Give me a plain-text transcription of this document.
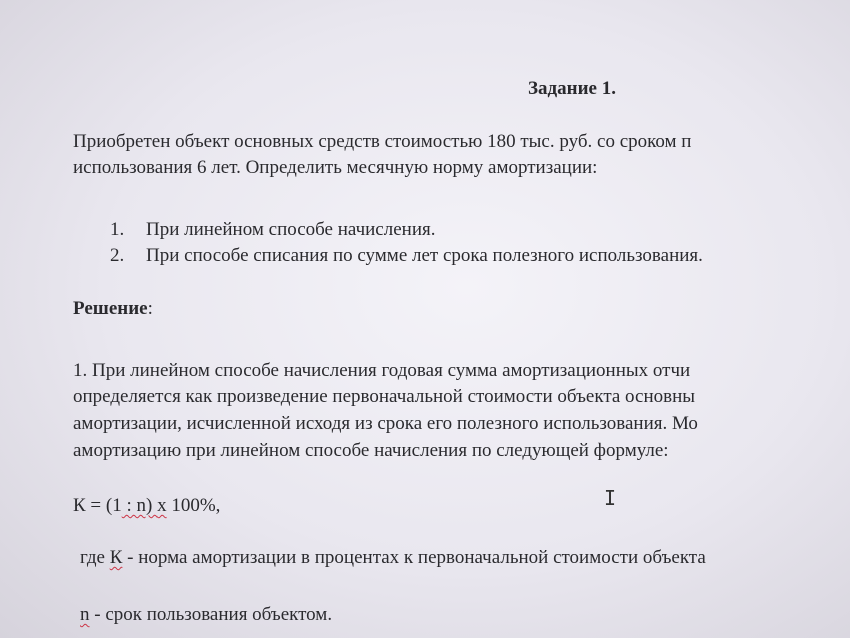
Задание 1.
Приобретен объект основных средств стоимостью 180 тыс. руб. со сроком п
использования 6 лет. Определить месячную норму амортизации:
1. При линейном способе начисления.
2. При способе списания по сумме лет срока полезного использования.
Решение:
1. При линейном способе начисления годовая сумма амортизационных отчи
определяется как произведение первоначальной стоимости объекта основны
амортизации, исчисленной исходя из срока его полезного использования. Мо
амортизацию при линейном способе начисления по следующей формуле:
К = (1 : n) x 100%,
где К - норма амортизации в процентах к первоначальной стоимости объекта
n - срок пользования объектом.
I
